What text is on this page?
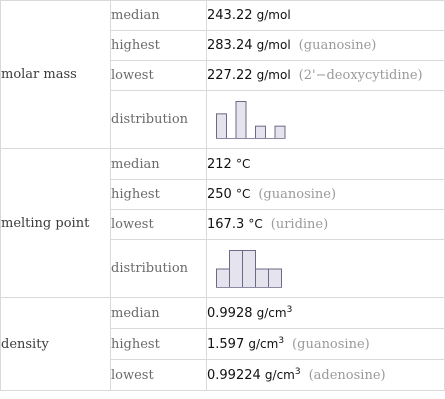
molar mass	median	243.22 g/mol
	highest	283.24 g/mol (guanosine)
	lowest	227.22 g/mol (2'−deoxycytidine)
	distribution	

melting point	median	212 °C
	highest	250 °C (guanosine)
	lowest	167.3 °C (uridine)
	distribution	

density	median	0.9928 $g/cm^3$
	highest	1.597 $g/cm^3$ (guanosine)
	lowest	0.99224 $g/cm^3$ (adenosine)
